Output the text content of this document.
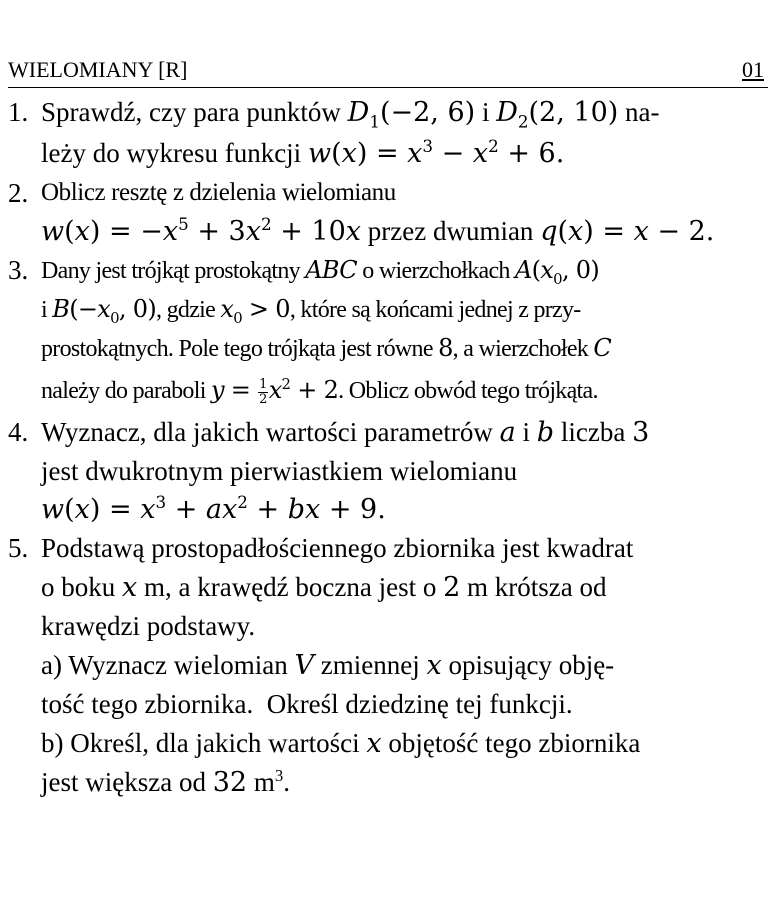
WIELOMIANY [R]	01
1. Sprawdź, czy para punktów $D_1(-2$, 6) i $D_2(2$, 10) na-
leży do wykresu funkcji $w(x) = x^3 - x^2 + 6$.
2. Oblicz resztę z dzielenia wielomianu
$w(x) = -x^5 + 3x^2 + 10x$ przez dwumian q(x) = x − 2.
3. Dany jest trójkąt prostokątny ABC o wierzchołkach $A(x_0$, 0)
i $B(-x_0$, 0), gdzie $x_0 > 0$, które są końcami jednej z przy-
prostokątnych. Pole tego trójkąta jest równe 8, a wierzchołek C
należy do paraboli $y = \frac{1}{2} x^2 + 2$. Oblicz obwód tego trójkąta.
4. Wyznacz, dla jakich wartości parametrów a i b liczba 3
jest dwukrotnym pierwiastkiem wielomianu
$w(x) = x^3 + ax^2$ + bx + 9.
5. Podstawą prostopadłościennego zbiornika jest kwadrat
o boku x m, a krawędź boczna jest o 2 m krótsza od
krawędzi podstawy.
a) Wyznacz wielomian V zmiennej x opisujący obję-
tość tego zbiornika.  Określ dziedzinę tej funkcji.
b) Określ, dla jakich wartości x objętość tego zbiornika
jest większa od 32 $m^3$.
